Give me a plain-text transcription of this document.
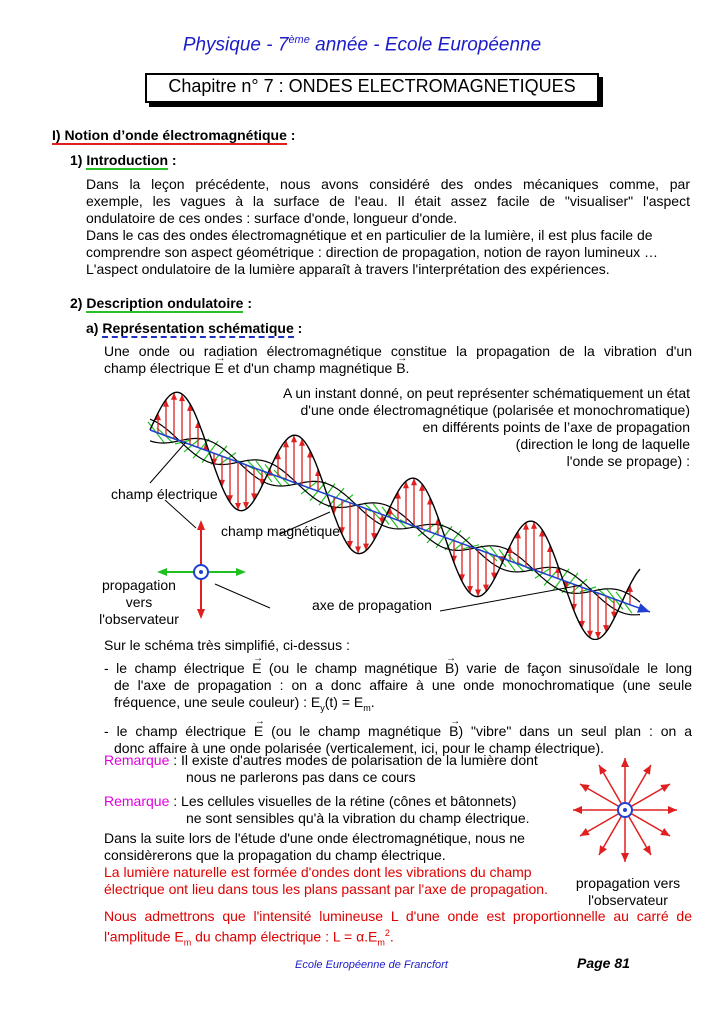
Physique - 7ème année - Ecole Européenne
Chapitre n° 7 : ONDES ELECTROMAGNETIQUES
I) Notion d’onde électromagnétique :
1) Introduction :
Dans la leçon précédente, nous avons considéré des ondes mécaniques comme, par
exemple, les vagues à la surface de l'eau. Il était assez facile de "visualiser" l'aspect
ondulatoire de ces ondes : surface d'onde, longueur d'onde.
Dans le cas des ondes électromagnétique et en particulier de la lumière, il est plus facile de
comprendre son aspect géométrique : direction de propagation, notion de rayon lumineux …
L'aspect ondulatoire de la lumière apparaît à travers l'interprétation des expériences.
2) Description ondulatoire :
a) Représentation schématique :
Une onde ou radiation électromagnétique constitue la propagation de la vibration d'un
champ électrique → E et d'un champ magnétique → B.
A un instant donné, on peut représenter schématiquement un état
d'une onde électromagnétique (polarisée et monochromatique)
en différents points de l’axe de propagation
(direction le long de laquelle
l'onde se propage) :
champ électrique
champ magnétique
axe de propagation
propagation
vers
l'observateur
Sur le schéma très simplifié, ci-dessus :
- le champ électrique → E (ou le champ magnétique → B) varie de façon sinusoïdale le long
de l'axe de propagation : on a donc affaire à une onde monochromatique (une seule
fréquence, une seule couleur) : $E_y(t) = E_m$.
- le champ électrique → E (ou le champ magnétique → B) "vibre" dans un seul plan : on a
donc affaire à une onde polarisée (verticalement, ici, pour le champ électrique).
Remarque : Il existe d'autres modes de polarisation de la lumière dont
nous ne parlerons pas dans ce cours
Remarque : Les cellules visuelles de la rétine (cônes et bâtonnets)
ne sont sensibles qu'à la vibration du champ électrique.
Dans la suite lors de l'étude d'une onde électromagnétique, nous ne
considèrerons que la propagation du champ électrique.
La lumière naturelle est formée d'ondes dont les vibrations du champ
électrique ont lieu dans tous les plans passant par l'axe de propagation.
Nous admettrons que l'intensité lumineuse L d'une onde est proportionnelle au carré de
l'amplitude $E_m$ du champ électrique : $L = \alpha.E_m^2$.
propagation vers
l'observateur
Ecole Européenne de Francfort	Page 81
